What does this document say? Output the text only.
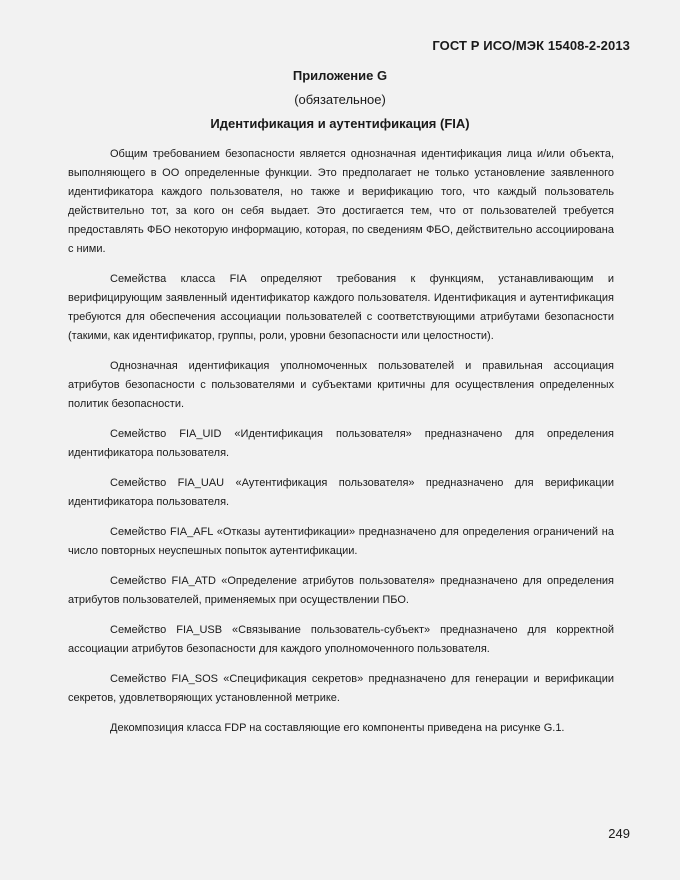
ГОСТ Р ИСО/МЭК 15408-2-2013
Приложение G
(обязательное)
Идентификация и аутентификация (FIA)

Общим требованием безопасности является однозначная идентификация лица и/или объекта, выполняющего в ОО определенные функции. Это предполагает не только установление заявленного идентификатора каждого пользователя, но также и верификацию того, что каждый пользователь действительно тот, за кого он себя выдает. Это достигается тем, что от пользователей требуется предоставлять ФБО некоторую информацию, которая, по сведениям ФБО, действительно ассоциирована с ними.

Семейства класса FIA определяют требования к функциям, устанавливающим и верифицирующим заявленный идентификатор каждого пользователя. Идентификация и аутентификация требуются для обеспечения ассоциации пользователей с соответствующими атрибутами безопасности (такими, как идентификатор, группы, роли, уровни безопасности или целостности).

Однозначная идентификация уполномоченных пользователей и правильная ассоциация атрибутов безопасности с пользователями и субъектами критичны для осуществления определенных политик безопасности.

Семейство FIA_UID «Идентификация пользователя» предназначено для определения идентификатора пользователя.

Семейство FIA_UAU «Аутентификация пользователя» предназначено для верификации идентификатора пользователя.

Семейство FIA_AFL «Отказы аутентификации» предназначено для определения ограничений на число повторных неуспешных попыток аутентификации.

Семейство FIA_ATD «Определение атрибутов пользователя» предназначено для определения атрибутов пользователей, применяемых при осуществлении ПБО.

Семейство FIA_USB «Связывание пользователь-субъект» предназначено для корректной ассоциации атрибутов безопасности для каждого уполномоченного пользователя.

Семейство FIA_SOS «Спецификация секретов» предназначено для генерации и верификации секретов, удовлетворяющих установленной метрике.

Декомпозиция класса FDP на составляющие его компоненты приведена на рисунке G.1.

249
